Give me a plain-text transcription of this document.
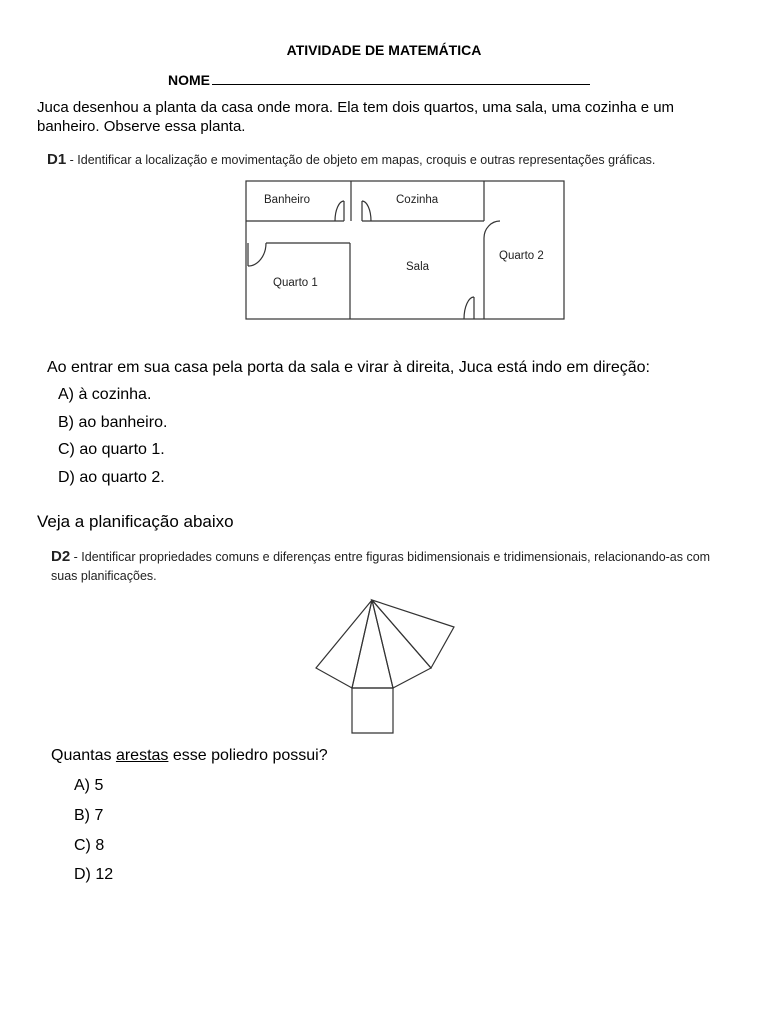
ATIVIDADE DE MATEMÁTICA
NOME
Juca desenhou a planta da casa onde mora. Ela tem dois quartos, uma sala, uma cozinha e um banheiro. Observe essa planta.
D1 - Identificar a localização e movimentação de objeto em mapas, croquis e outras representações gráficas.
Banheiro	Cozinha
Quarto 1
Sala
Quarto 2
Ao entrar em sua casa pela porta da sala e virar à direita, Juca está indo em direção:
A) à cozinha.
B) ao banheiro.
C) ao quarto 1.
D) ao quarto 2.
Veja a planificação abaixo
D2 - Identificar propriedades comuns e diferenças entre figuras bidimensionais e tridimensionais, relacionando-as com suas planificações.
Quantas arestas esse poliedro possui?
A) 5
B) 7
C) 8
D) 12
